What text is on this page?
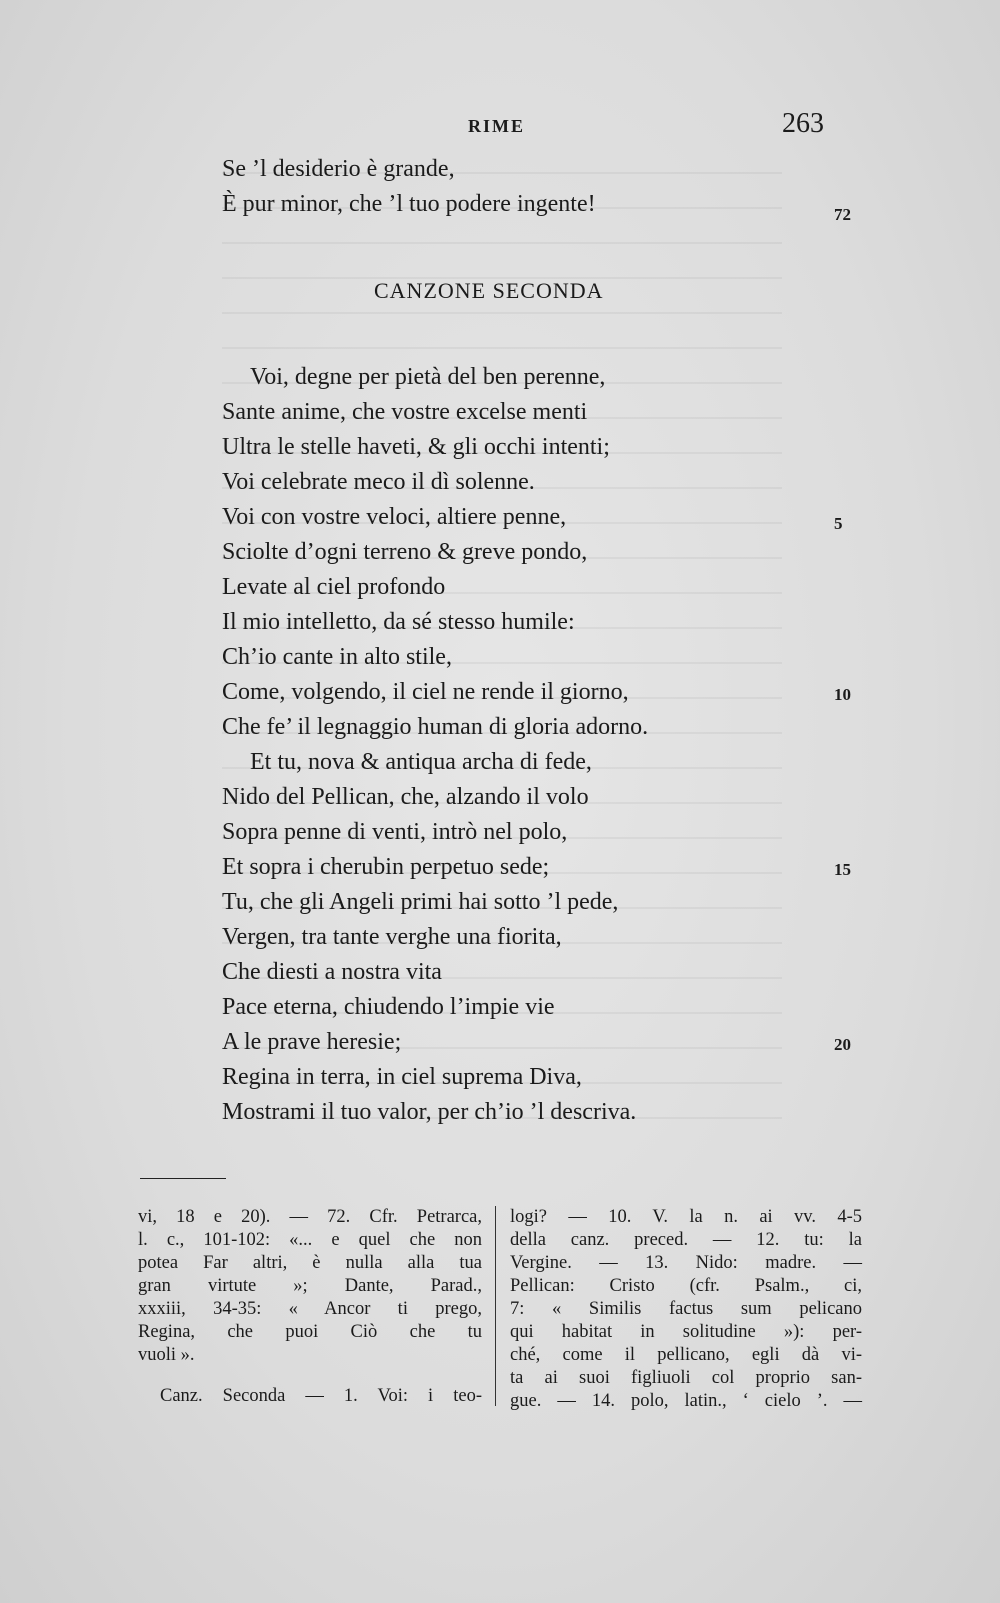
RIME	263
Se ’l desiderio è grande,
È pur minor, che ’l tuo podere ingente!	72
CANZONE SECONDA
Voi, degne per pietà del ben perenne,
Sante anime, che vostre excelse menti
Ultra le stelle haveti, & gli occhi intenti;
Voi celebrate meco il dì solenne.
Voi con vostre veloci, altiere penne,	5
Sciolte d’ogni terreno & greve pondo,
Levate al ciel profondo
Il mio intelletto, da sé stesso humile:
Ch’io cante in alto stile,
Come, volgendo, il ciel ne rende il giorno,	10
Che fe’ il legnaggio human di gloria adorno.
Et tu, nova & antiqua archa di fede,
Nido del Pellican, che, alzando il volo
Sopra penne di venti, intrò nel polo,
Et sopra i cherubin perpetuo sede;	15
Tu, che gli Angeli primi hai sotto ’l pede,
Vergen, tra tante verghe una fiorita,
Che diesti a nostra vita
Pace eterna, chiudendo l’impie vie
A le prave heresie;	20
Regina in terra, in ciel suprema Diva,
Mostrami il tuo valor, per ch’io ’l descriva.
vi, 18 e 20). — 72. Cfr. Petrarca,
l. c., 101-102: «... e quel che non
potea Far altri, è nulla alla tua
gran virtute »; Dante, Parad.,
xxxiii, 34-35: « Ancor ti prego,
Regina, che puoi Ciò che tu
vuoli ».
Canz. Seconda — 1. Voi: i teo-
logi? — 10. V. la n. ai vv. 4-5
della canz. preced. — 12. tu: la
Vergine. — 13. Nido: madre. —
Pellican: Cristo (cfr. Psalm., ci,
7: « Similis factus sum pelicano
qui habitat in solitudine »): per-
ché, come il pellicano, egli dà vi-
ta ai suoi figliuoli col proprio san-
gue. — 14. polo, latin., ‘ cielo ’. —
